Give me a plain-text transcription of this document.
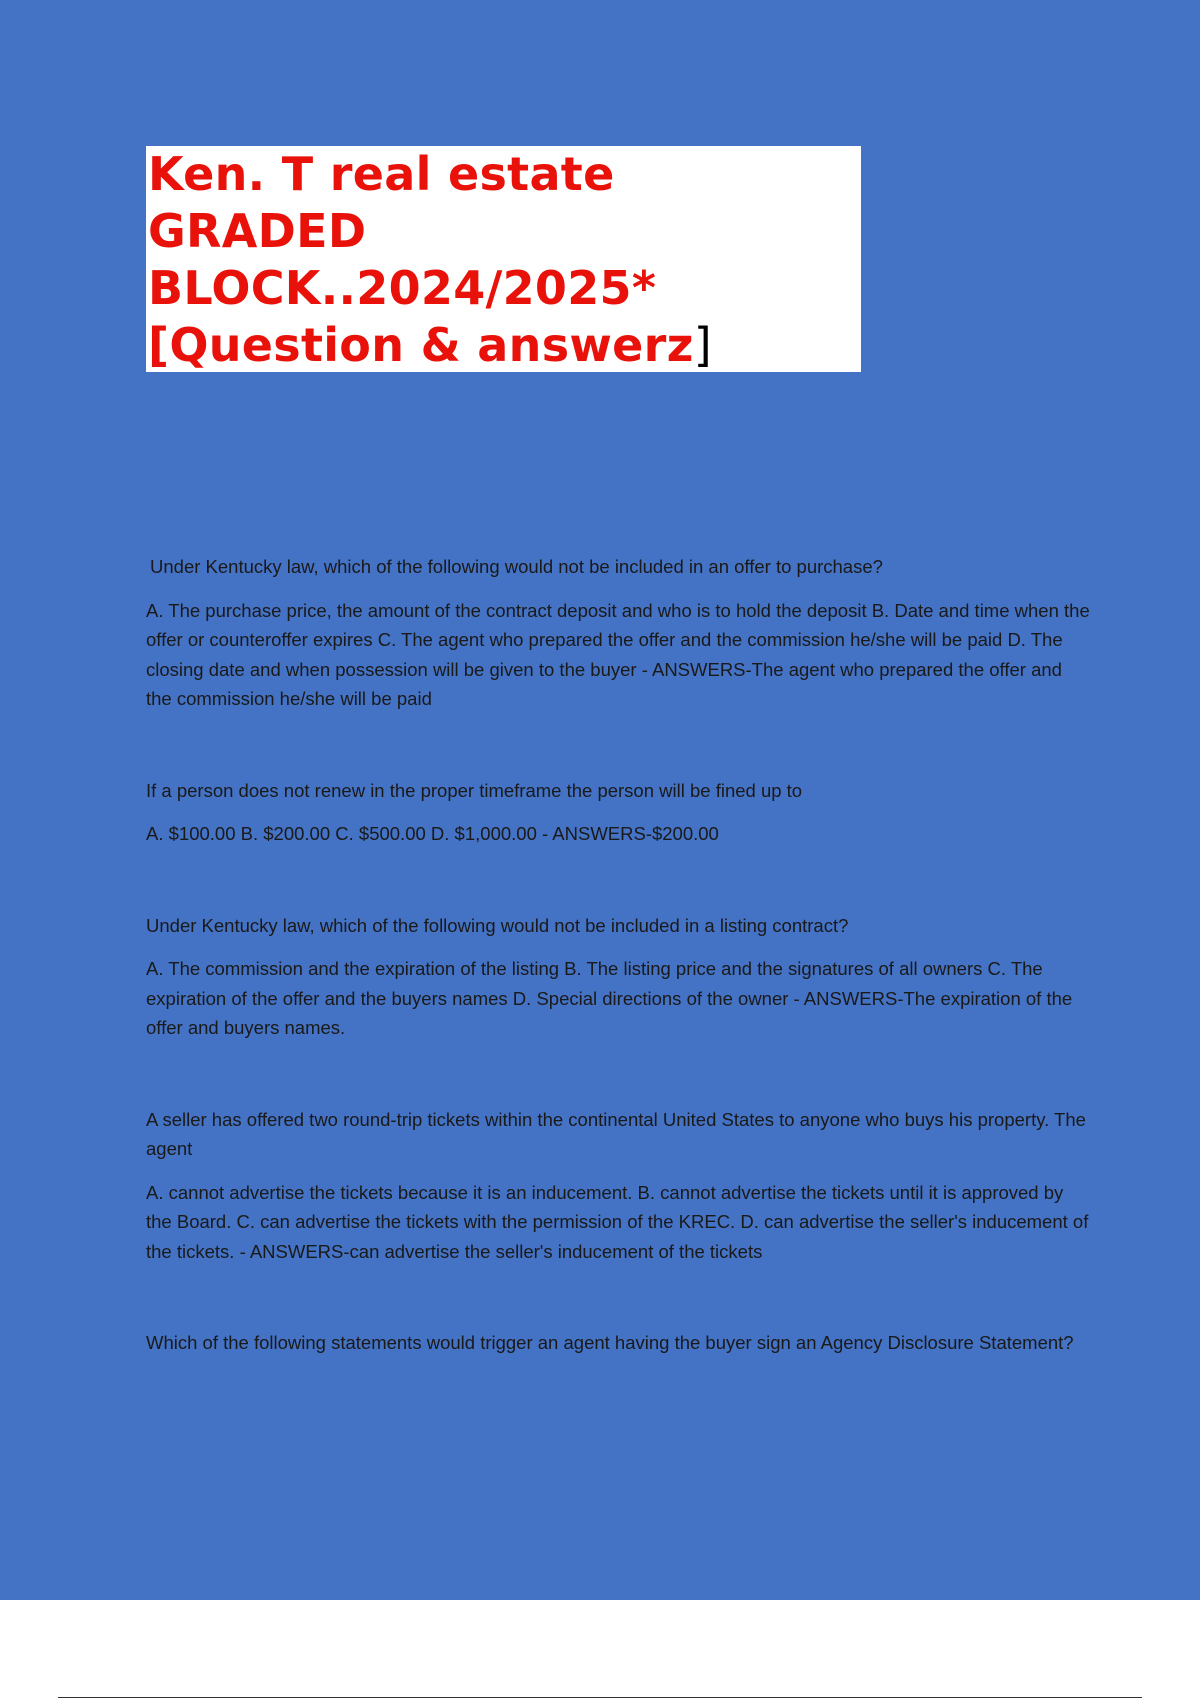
Ken. T real estate
GRADED
BLOCK..2024/2025*
[Question & answerz]

Under Kentucky law, which of the following would not be included in an offer to purchase?

A. The purchase price, the amount of the contract deposit and who is to hold the deposit B. Date and time when the offer or counteroffer expires C. The agent who prepared the offer and the commission he/she will be paid D. The closing date and when possession will be given to the buyer - ANSWERS-The agent who prepared the offer and the commission he/she will be paid

If a person does not renew in the proper timeframe the person will be fined up to

A. $100.00 B. $200.00 C. $500.00 D. $1,000.00 - ANSWERS-$200.00

Under Kentucky law, which of the following would not be included in a listing contract?

A. The commission and the expiration of the listing B. The listing price and the signatures of all owners C. The expiration of the offer and the buyers names D. Special directions of the owner - ANSWERS-The expiration of the offer and buyers names.

A seller has offered two round-trip tickets within the continental United States to anyone who buys his property. The agent

A. cannot advertise the tickets because it is an inducement. B. cannot advertise the tickets until it is approved by the Board. C. can advertise the tickets with the permission of the KREC. D. can advertise the seller's inducement of the tickets. - ANSWERS-can advertise the seller's inducement of the tickets

Which of the following statements would trigger an agent having the buyer sign an Agency Disclosure Statement?
